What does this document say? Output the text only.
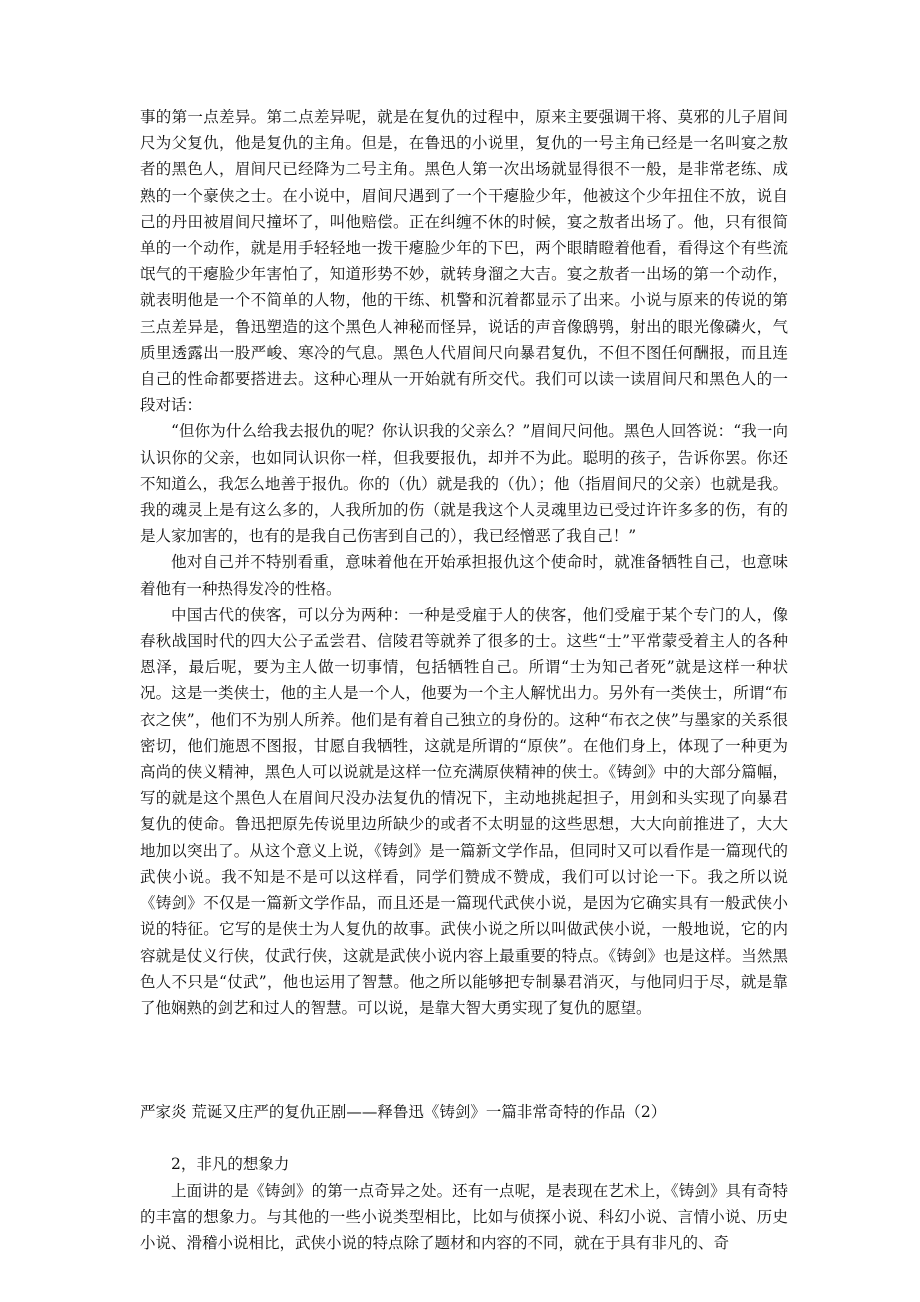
事的第一点差异。第二点差异呢，就是在复仇的过程中，原来主要强调干将、莫邪的儿子眉间尺为父复仇，他是复仇的主角。但是，在鲁迅的小说里，复仇的一号主角已经是一名叫宴之敖者的黑色人，眉间尺已经降为二号主角。黑色人第一次出场就显得很不一般，是非常老练、成熟的一个豪侠之士。在小说中，眉间尺遇到了一个干瘪脸少年，他被这个少年扭住不放，说自己的丹田被眉间尺撞坏了，叫他赔偿。正在纠缠不休的时候，宴之敖者出场了。他，只有很简单的一个动作，就是用手轻轻地一拨干瘪脸少年的下巴，两个眼睛瞪着他看，看得这个有些流氓气的干瘪脸少年害怕了，知道形势不妙，就转身溜之大吉。宴之敖者一出场的第一个动作，就表明他是一个不简单的人物，他的干练、机警和沉着都显示了出来。小说与原来的传说的第三点差异是，鲁迅塑造的这个黑色人神秘而怪异，说话的声音像鸱鸮，射出的眼光像磷火，气质里透露出一股严峻、寒冷的气息。黑色人代眉间尺向暴君复仇，不但不图任何酬报，而且连自己的性命都要搭进去。这种心理从一开始就有所交代。我们可以读一读眉间尺和黑色人的一段对话：

“但你为什么给我去报仇的呢？你认识我的父亲么？”眉间尺问他。黑色人回答说：“我一向认识你的父亲，也如同认识你一样，但我要报仇，却并不为此。聪明的孩子，告诉你罢。你还不知道么，我怎么地善于报仇。你的（仇）就是我的（仇）；他（指眉间尺的父亲）也就是我。我的魂灵上是有这么多的，人我所加的伤（就是我这个人灵魂里边已受过许许多多的伤，有的是人家加害的，也有的是我自己伤害到自己的），我已经憎恶了我自己！”

他对自己并不特别看重，意味着他在开始承担报仇这个使命时，就准备牺牲自己，也意味着他有一种热得发冷的性格。

中国古代的侠客，可以分为两种：一种是受雇于人的侠客，他们受雇于某个专门的人，像春秋战国时代的四大公子孟尝君、信陵君等就养了很多的士。这些“士”平常蒙受着主人的各种恩泽，最后呢，要为主人做一切事情，包括牺牲自己。所谓“士为知己者死”就是这样一种状况。这是一类侠士，他的主人是一个人，他要为一个主人解忧出力。另外有一类侠士，所谓“布衣之侠”，他们不为别人所养。他们是有着自己独立的身份的。这种“布衣之侠”与墨家的关系很密切，他们施恩不图报，甘愿自我牺牲，这就是所谓的“原侠”。在他们身上，体现了一种更为高尚的侠义精神，黑色人可以说就是这样一位充满原侠精神的侠士。《铸剑》中的大部分篇幅，写的就是这个黑色人在眉间尺没办法复仇的情况下，主动地挑起担子，用剑和头实现了向暴君复仇的使命。鲁迅把原先传说里边所缺少的或者不太明显的这些思想，大大向前推进了，大大地加以突出了。从这个意义上说，《铸剑》是一篇新文学作品，但同时又可以看作是一篇现代的武侠小说。我不知是不是可以这样看，同学们赞成不赞成，我们可以讨论一下。我之所以说《铸剑》不仅是一篇新文学作品，而且还是一篇现代武侠小说，是因为它确实具有一般武侠小说的特征。它写的是侠士为人复仇的故事。武侠小说之所以叫做武侠小说，一般地说，它的内容就是仗义行侠，仗武行侠，这就是武侠小说内容上最重要的特点。《铸剑》也是这样。当然黑色人不只是“仗武”，他也运用了智慧。他之所以能够把专制暴君消灭，与他同归于尽，就是靠了他娴熟的剑艺和过人的智慧。可以说，是靠大智大勇实现了复仇的愿望。

严家炎 荒诞又庄严的复仇正剧——释鲁迅《铸剑》一篇非常奇特的作品（2）

2，非凡的想象力

上面讲的是《铸剑》的第一点奇异之处。还有一点呢，是表现在艺术上，《铸剑》具有奇特的丰富的想象力。与其他的一些小说类型相比，比如与侦探小说、科幻小说、言情小说、历史小说、滑稽小说相比，武侠小说的特点除了题材和内容的不同，就在于具有非凡的、奇
